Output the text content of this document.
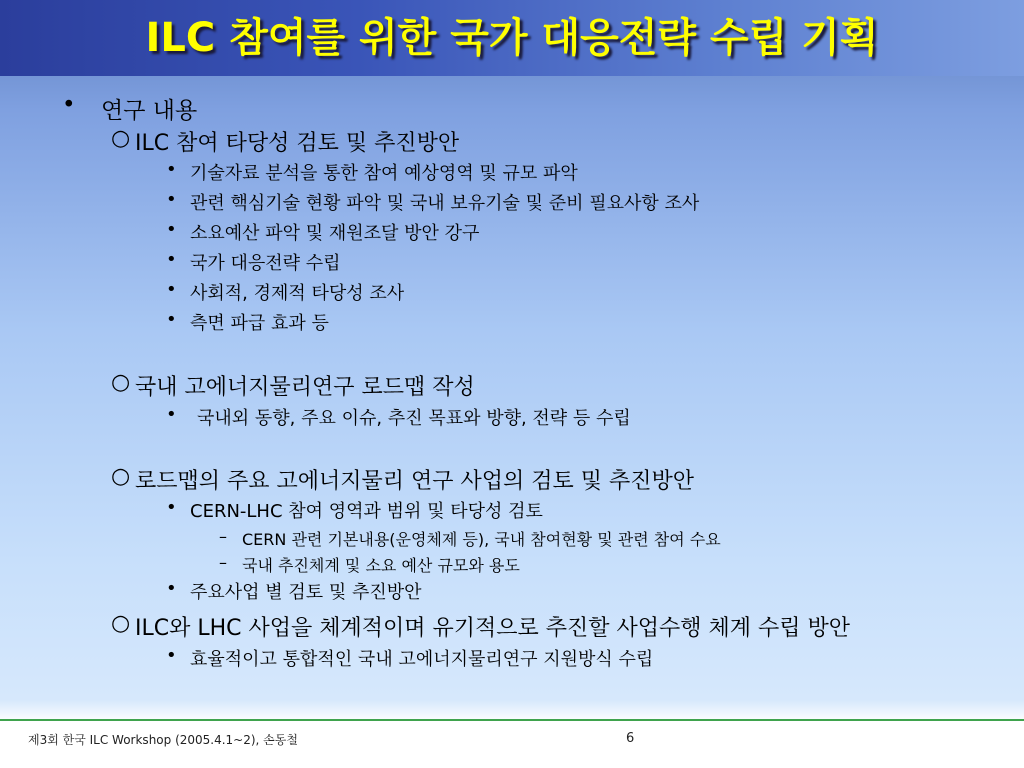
ILC 참여를 위한 국가 대응전략 수립 기획
• 연구 내용
○ ILC 참여 타당성 검토 및 추진방안
• 기술자료 분석을 통한 참여 예상영역 및 규모 파악
• 관련 핵심기술 현황 파악 및 국내 보유기술 및 준비 필요사항 조사
• 소요예산 파악 및 재원조달 방안 강구
• 국가 대응전략 수립
• 사회적, 경제적 타당성 조사
• 측면 파급 효과 등
○ 국내 고에너지물리연구 로드맵 작성
• 국내외 동향, 주요 이슈, 추진 목표와 방향, 전략 등 수립
○ 로드맵의 주요 고에너지물리 연구 사업의 검토 및 추진방안
• CERN-LHC 참여 영역과 범위 및 타당성 검토
– CERN 관련 기본내용(운영체제 등), 국내 참여현황 및 관련 참여 수요
– 국내 추진체계 및 소요 예산 규모와 용도
• 주요사업 별 검토 및 추진방안
○ ILC와 LHC 사업을 체계적이며 유기적으로 추진할 사업수행 체계 수립 방안
• 효율적이고 통합적인 국내 고에너지물리연구 지원방식 수립
제3회 한국 ILC Workshop (2005.4.1~2), 손동철	6
